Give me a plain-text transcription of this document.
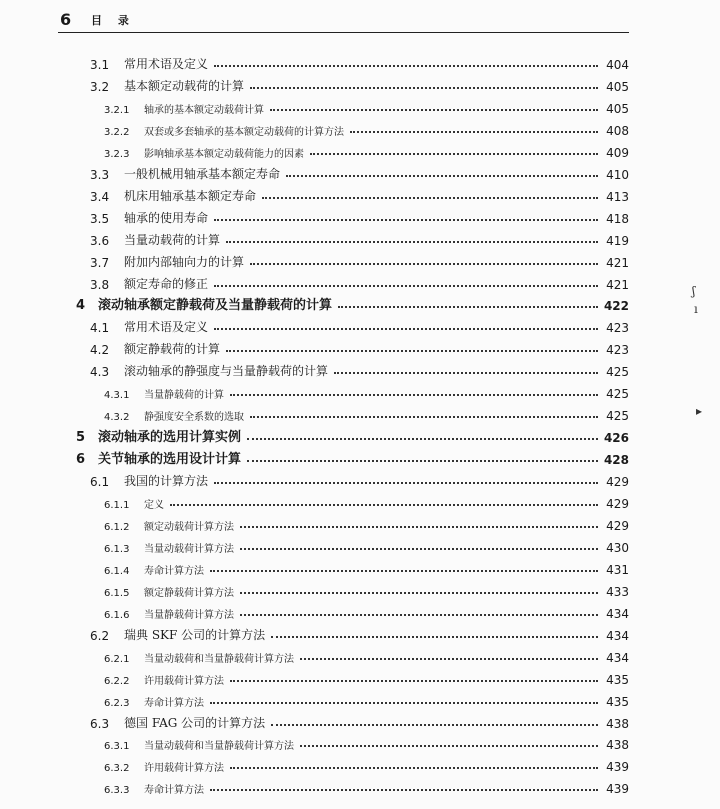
6 目 录
3.1	常用术语及定义	404
3.2	基本额定动载荷的计算	405
3.2.1	轴承的基本额定动载荷计算	405
3.2.2	双套或多套轴承的基本额定动载荷的计算方法	408
3.2.3	影响轴承基本额定动载荷能力的因素	409
3.3	一般机械用轴承基本额定寿命	410
3.4	机床用轴承基本额定寿命	413
3.5	轴承的使用寿命	418
3.6	当量动载荷的计算	419
3.7	附加内部轴向力的计算	421
3.8	额定寿命的修正	421
4 滚动轴承额定静载荷及当量静载荷的计算	422
4.1	常用术语及定义	423
4.2	额定静载荷的计算	423
4.3	滚动轴承的静强度与当量静载荷的计算	425
4.3.1	当量静载荷的计算	425
4.3.2	静强度安全系数的选取	425
5 滚动轴承的选用计算实例	426
6 关节轴承的选用设计计算	428
6.1	我国的计算方法	429
6.1.1	定义	429
6.1.2	额定动载荷计算方法	429
6.1.3	当量动载荷计算方法	430
6.1.4	寿命计算方法	431
6.1.5	额定静载荷计算方法	433
6.1.6	当量静载荷计算方法	434
6.2	瑞典 SKF 公司的计算方法	434
6.2.1	当量动载荷和当量静载荷计算方法	434
6.2.2	许用载荷计算方法	435
6.2.3	寿命计算方法	435
6.3	德国 FAG 公司的计算方法	438
6.3.1	当量动载荷和当量静载荷计算方法	438
6.3.2	许用载荷计算方法	439
6.3.3	寿命计算方法	439
ʃ
ı
▸
